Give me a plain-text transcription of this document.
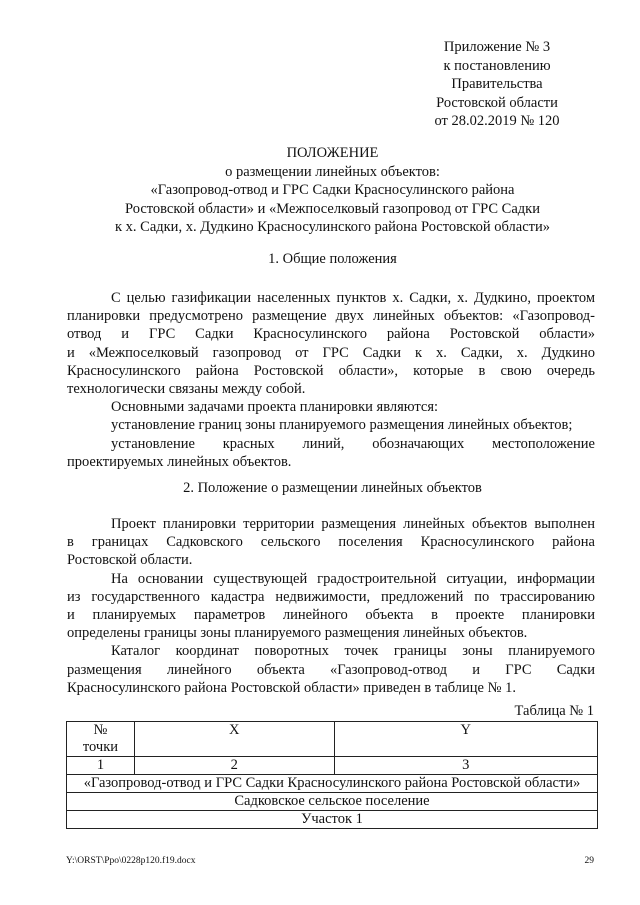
Приложение № 3
к постановлению
Правительства
Ростовской области
от 28.02.2019 № 120
ПОЛОЖЕНИЕ
о размещении линейных объектов:
«Газопровод-отвод и ГРС Садки Красносулинского района
Ростовской области» и «Межпоселковый газопровод от ГРС Садки
к х. Садки, х. Дудкино Красносулинского района Ростовской области»
1. Общие положения
С целью газификации населенных пунктов х. Садки, х. Дудкино, проектом
планировки предусмотрено размещение двух линейных объектов: «Газопровод-
отвод и ГРС Садки Красносулинского района Ростовской области»
и «Межпоселковый газопровод от ГРС Садки к х. Садки, х. Дудкино
Красносулинского района Ростовской области», которые в свою очередь
технологически связаны между собой.
Основными задачами проекта планировки являются:
установление границ зоны планируемого размещения линейных объектов;
установление красных линий, обозначающих местоположение
проектируемых линейных объектов.
2. Положение о размещении линейных объектов
Проект планировки территории размещения линейных объектов выполнен
в границах Садковского сельского поселения Красносулинского района
Ростовской области.
На основании существующей градостроительной ситуации, информации
из государственного кадастра недвижимости, предложений по трассированию
и планируемых параметров линейного объекта в проекте планировки
определены границы зоны планируемого размещения линейных объектов.
Каталог координат поворотных точек границы зоны планируемого
размещения линейного объекта «Газопровод-отвод и ГРС Садки
Красносулинского района Ростовской области» приведен в таблице № 1.
Таблица № 1
№
точки	X	Y
1	2	3
«Газопровод-отвод и ГРС Садки Красносулинского района Ростовской области»		
Садковское сельское поселение		
Участок 1		
Y:\ORST\Ppo\0228p120.f19.docx	29
